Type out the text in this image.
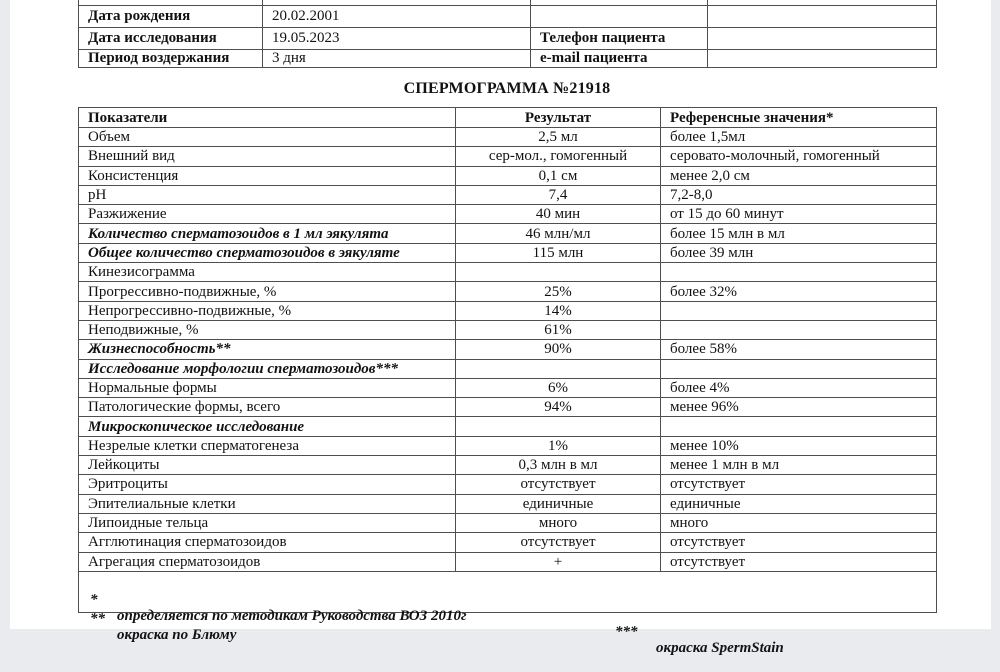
Дата рождения	20.02.2001		
Дата исследования	19.05.2023	Телефон пациента	
Период воздержания	3 дня	e-mail пациента	
СПЕРМОГРАММА №21918
Показатели	Результат	Референсные значения*
Объем	2,5 мл	более 1,5мл
Внешний вид	сер-мол., гомогенный	серовато-молочный, гомогенный
Консистенция	0,1 см	менее 2,0 см
pH	7,4	7,2-8,0
Разжижение	40 мин	от 15 до 60 минут
Количество сперматозоидов в 1 мл эякулята	46 млн/мл	более 15 млн в мл
Общее количество сперматозоидов в эякуляте	115 млн	более 39 млн
Кинезисограмма		
Прогрессивно-подвижные, %	25%	более 32%
Непрогрессивно-подвижные, %	14%	
Неподвижные, %	61%	
Жизнеспособность**	90%	более 58%
Исследование морфологии сперматозоидов***		
Нормальные формы	6%	более 4%
Патологические формы, всего	94%	менее 96%
Микроскопическое исследование		
Незрелые клетки сперматогенеза	1%	менее 10%
Лейкоциты	0,3 млн в мл	менее 1 млн в мл
Эритроциты	отсутствует	отсутствует
Эпителиальные клетки	единичные	единичные
Липоидные тельца	много	много
Агглютинация сперматозоидов	отсутствует	отсутствует
Агрегация сперматозоидов	+	отсутствует

*

определяется по методикам Руководства ВОЗ 2010г

***

окраска SpermStain

**

окраска по Блюму
